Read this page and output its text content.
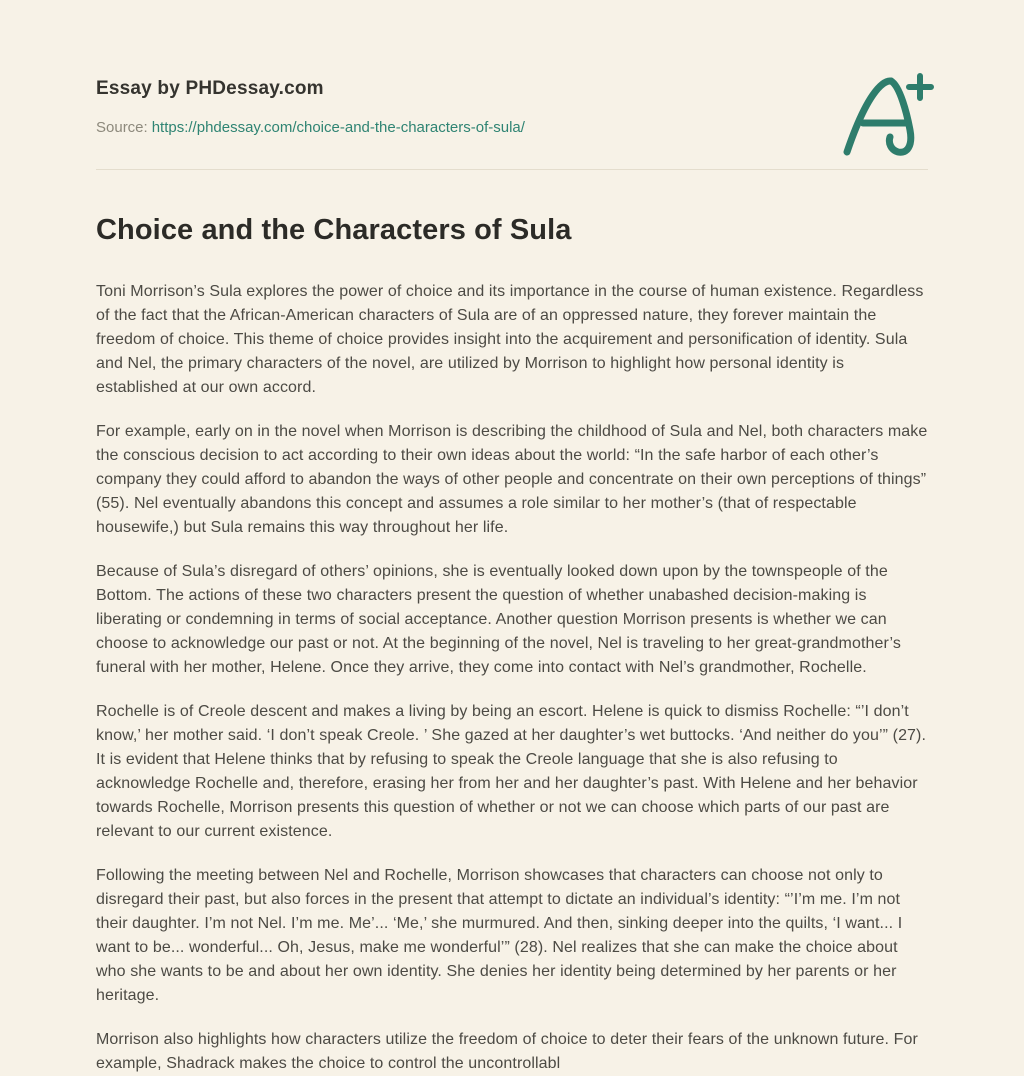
Essay by PHDessay.com
Source: https://phdessay.com/choice-and-the-characters-of-sula/
Choice and the Characters of Sula

Toni Morrison’s Sula explores the power of choice and its importance in the course of human existence. Regardless of the fact that the African-American characters of Sula are of an oppressed nature, they forever maintain the freedom of choice. This theme of choice provides insight into the acquirement and personification of identity. Sula and Nel, the primary characters of the novel, are utilized by Morrison to highlight how personal identity is established at our own accord.

For example, early on in the novel when Morrison is describing the childhood of Sula and Nel, both characters make the conscious decision to act according to their own ideas about the world: “In the safe harbor of each other’s company they could afford to abandon the ways of other people and concentrate on their own perceptions of things” (55). Nel eventually abandons this concept and assumes a role similar to her mother’s (that of respectable housewife,) but Sula remains this way throughout her life.

Because of Sula’s disregard of others’ opinions, she is eventually looked down upon by the townspeople of the Bottom. The actions of these two characters present the question of whether unabashed decision-making is liberating or condemning in terms of social acceptance. Another question Morrison presents is whether we can choose to acknowledge our past or not. At the beginning of the novel, Nel is traveling to her great-grandmother’s funeral with her mother, Helene. Once they arrive, they come into contact with Nel’s grandmother, Rochelle.

Rochelle is of Creole descent and makes a living by being an escort. Helene is quick to dismiss Rochelle: “’I don’t know,’ her mother said. ‘I don’t speak Creole. ’ She gazed at her daughter’s wet buttocks. ‘And neither do you’” (27). It is evident that Helene thinks that by refusing to speak the Creole language that she is also refusing to acknowledge Rochelle and, therefore, erasing her from her and her daughter’s past. With Helene and her behavior towards Rochelle, Morrison presents this question of whether or not we can choose which parts of our past are relevant to our current existence.

Following the meeting between Nel and Rochelle, Morrison showcases that characters can choose not only to disregard their past, but also forces in the present that attempt to dictate an individual’s identity: “’I’m me. I’m not their daughter. I’m not Nel. I’m me. Me’... ‘Me,’ she murmured. And then, sinking deeper into the quilts, ‘I want... I want to be... wonderful... Oh, Jesus, make me wonderful’” (28). Nel realizes that she can make the choice about who she wants to be and about her own identity. She denies her identity being determined by her parents or her heritage.

Morrison also highlights how characters utilize the freedom of choice to deter their fears of the unknown future. For example, Shadrack makes the choice to control the uncontrollabl
